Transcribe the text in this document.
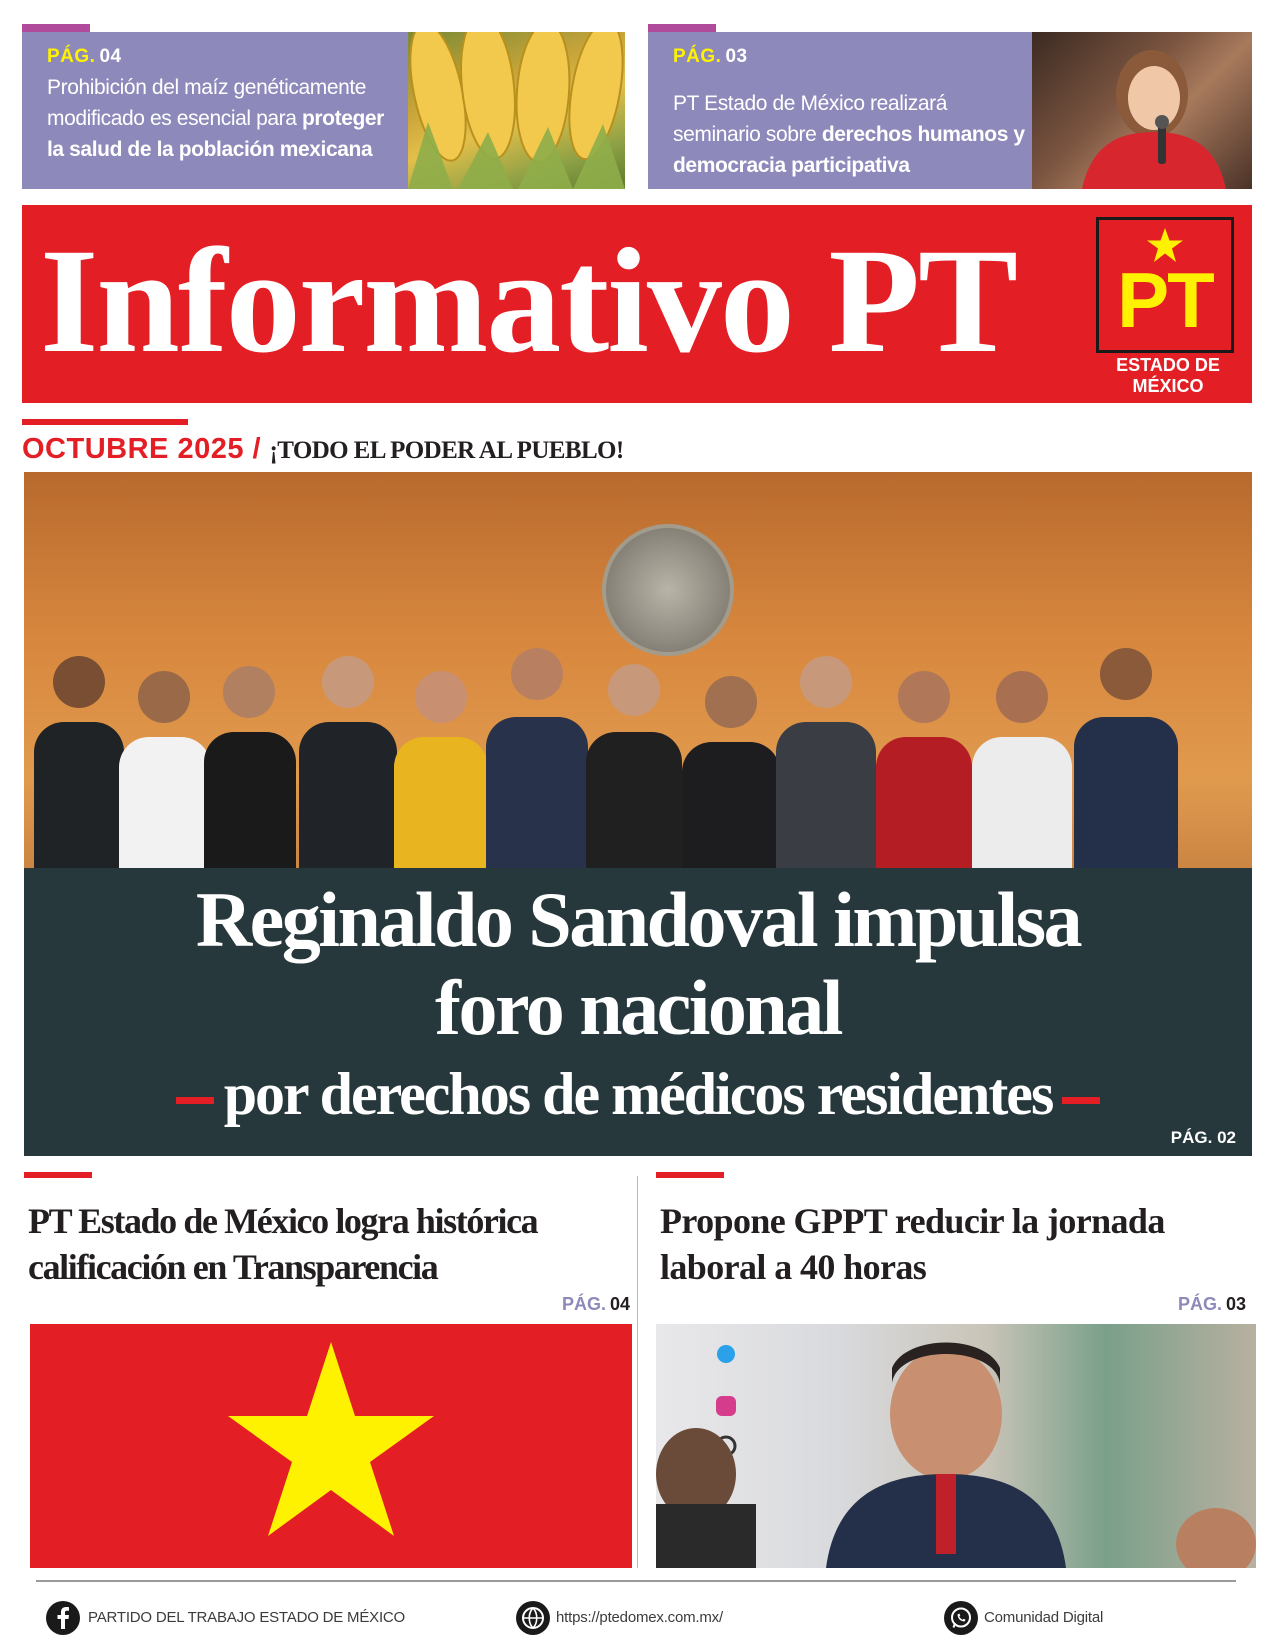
PÁG. 04
Prohibición del maíz genéticamente modificado es esencial para proteger la salud de la población mexicana
PÁG. 03
PT Estado de México realizará seminario sobre derechos humanos y democracia participativa
Informativo PT PT
ESTADO DE
MÉXICO
OCTUBRE 2025 / ¡TODO EL PODER AL PUEBLO!
Reginaldo Sandoval impulsa
foro nacional
por derechos de médicos residentes
PÁG. 02
PT Estado de México logra histórica calificación en Transparencia
PÁG. 04
Propone GPPT reducir la jornada laboral a 40 horas
PÁG. 03
PARTIDO DEL TRABAJO ESTADO DE MÉXICO	https://ptedomex.com.mx/	Comunidad Digital
